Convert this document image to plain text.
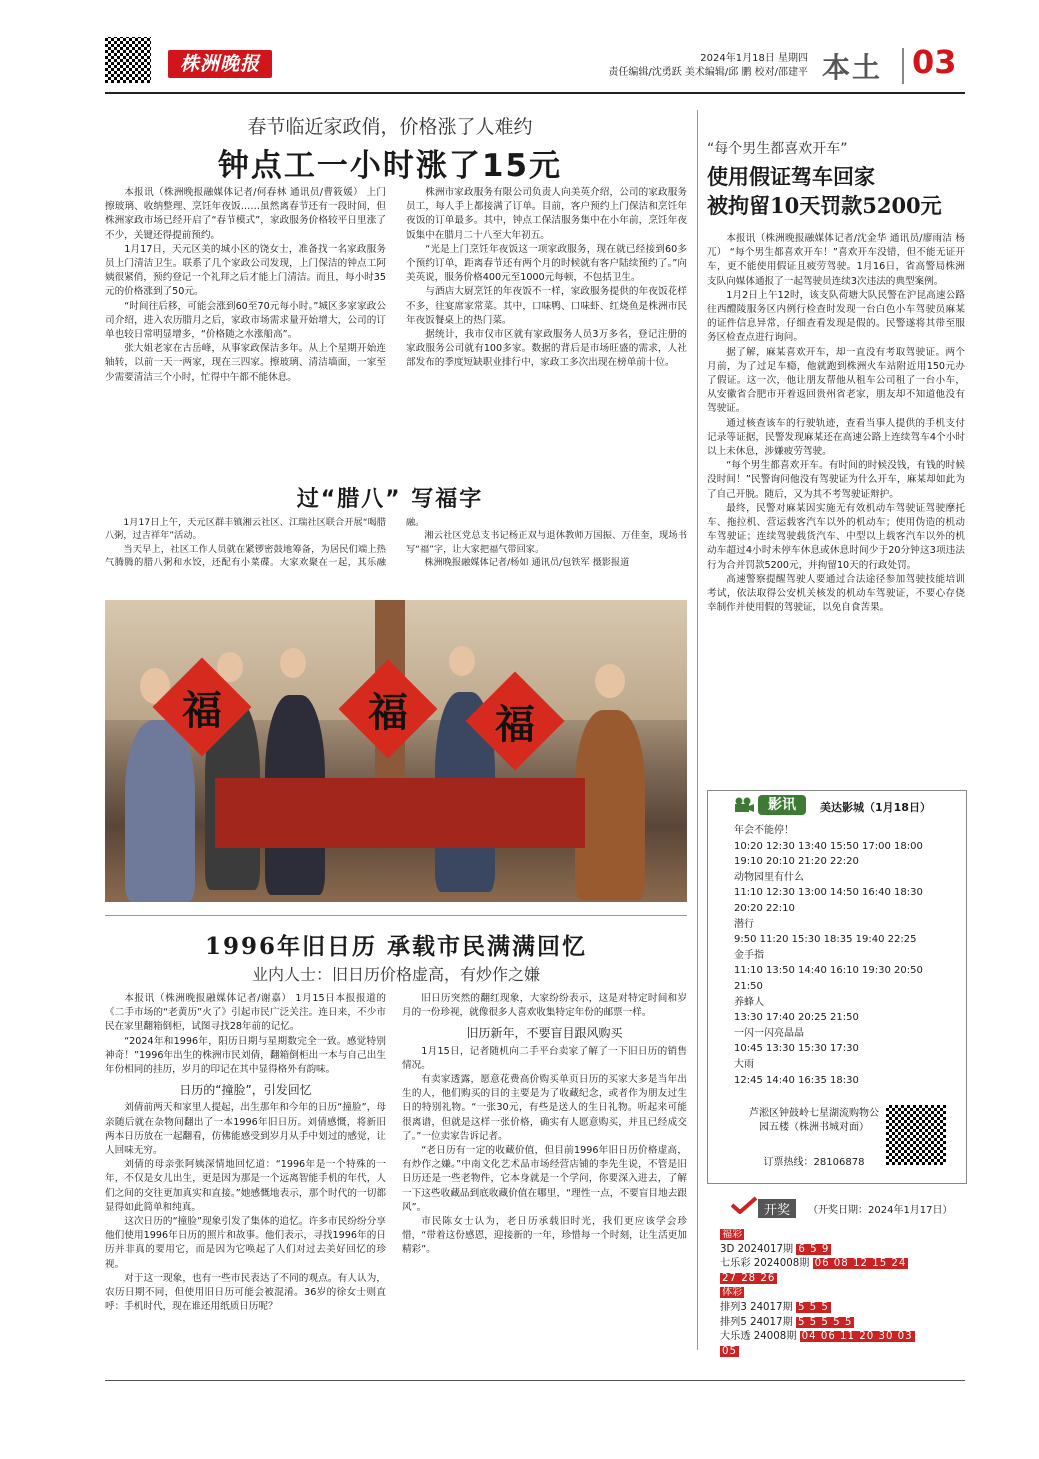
株洲晚报	2024年1月18日 星期四
责任编辑/沈勇跃 美术编辑/邱 鹏 校对/邵建平 本土 03
春节临近家政俏，价格涨了人难约
钟点工一小时涨了15元

本报讯（株洲晚报融媒体记者/何春林 通讯员/曹筱媛） 上门擦玻璃、收纳整理、烹饪年夜饭……虽然离春节还有一段时间，但株洲家政市场已经开启了“春节模式”，家政服务价格较平日里涨了不少，关键还得提前预约。

1月17日，天元区美的城小区的饶女士，准备找一名家政服务员上门清洁卫生。联系了几个家政公司发现，上门保洁的钟点工阿姨很紧俏，预约登记一个礼拜之后才能上门清洁。而且，每小时35元的价格涨到了50元。

“时间往后移，可能会涨到60至70元每小时。”城区多家家政公司介绍，进入农历腊月之后，家政市场需求量开始增大，公司的订单也较日常明显增多，“价格随之水涨船高”。

张大姐老家在古岳峰，从事家政保洁多年。从上个星期开始连轴转，以前一天一两家，现在三四家。擦玻璃、清洁墙面，一家至少需要清洁三个小时，忙得中午都不能休息。

株洲市家政服务有限公司负责人向美英介绍，公司的家政服务员工，每人手上都接满了订单。目前，客户预约上门保洁和烹饪年夜饭的订单最多。其中，钟点工保洁服务集中在小年前，烹饪年夜饭集中在腊月二十八至大年初五。

“光是上门烹饪年夜饭这一项家政服务，现在就已经接到60多个预约订单，距离春节还有两个月的时候就有客户陆续预约了。”向美英说，服务价格400元至1000元每顿，不包括卫生。

与酒店大厨烹饪的年夜饭不一样，家政服务提供的年夜饭花样不多，往宴席家常菜。其中，口味鸭、口味虾、红烧鱼是株洲市民年夜饭餐桌上的热门菜。

据统计，我市仅市区就有家政服务人员3万多名，登记注册的家政服务公司就有100多家。数据的背后是市场旺盛的需求，人社部发布的季度短缺职业排行中，家政工多次出现在榜单前十位。

过“腊八” 写福字

1月17日上午，天元区群丰镇湘云社区、江瑞社区联合开展“喝腊八粥，过吉祥年”活动。

当天早上，社区工作人员就在紧锣密鼓地筹备，为居民们端上热气腾腾的腊八粥和水饺，还配有小菜碟。大家欢聚在一起，其乐融融。

湘云社区党总支书记杨正双与退休教师万国振、万佳奎，现场书写“福”字，让大家把福气带回家。

株洲晚报融媒体记者/杨如 通讯员/包铁军 摄影报道

福	福	福
“每个男生都喜欢开车”
使用假证驾车回家
被拘留10天罚款5200元

本报讯（株洲晚报融媒体记者/沈金华 通讯员/廖雨洁 杨兀） “每个男生都喜欢开车！”喜欢开车没错，但不能无证开车，更不能使用假证且疲劳驾驶。1月16日，省高警局株洲支队向媒体通报了一起驾驶员连续3次违法的典型案例。

1月2日上午12时，该支队荷塘大队民警在沪昆高速公路往西醴陵服务区内例行检查时发现一台白色小车驾驶员麻某的证件信息异常，仔细查看发现是假的。民警遂将其带至服务区检查点进行询问。

据了解，麻某喜欢开车，却一直没有考取驾驶证。两个月前，为了过足车瘾，他就跑到株洲火车站附近用150元办了假证。这一次，他让朋友帮他从租车公司租了一台小车，从安徽省合肥市开着返回贵州省老家，朋友却不知道他没有驾驶证。

通过核查该车的行驶轨迹，查看当事人提供的手机支付记录等证据，民警发现麻某还在高速公路上连续驾车4个小时以上未休息，涉嫌疲劳驾驶。

“每个男生都喜欢开车。有时间的时候没钱，有钱的时候没时间！”民警询问他没有驾驶证为什么开车，麻某却如此为了自己开脱。随后，又为其不考驾驶证辩护。

最终，民警对麻某因实施无有效机动车驾驶证驾驶摩托车、拖拉机、营运载客汽车以外的机动车；使用伪造的机动车驾驶证；连续驾驶载货汽车、中型以上载客汽车以外的机动车超过4小时未停车休息或休息时间少于20分钟这3项违法行为合并罚款5200元，并拘留10天的行政处罚。

高速警察提醒驾驶人要通过合法途径参加驾驶技能培训考试，依法取得公安机关核发的机动车驾驶证，不要心存侥幸制作并使用假的驾驶证，以免自食苦果。

1996年旧日历 承载市民满满回忆
业内人士：旧日历价格虚高，有炒作之嫌

本报讯（株洲晚报融媒体记者/谢嘉） 1月15日本报报道的《二手市场的“老黄历”火了》引起市民广泛关注。连日来，不少市民在家里翻箱倒柜，试图寻找28年前的记忆。

“2024年和1996年，阳历日期与星期数完全一致。感觉特别神奇！”1996年出生的株洲市民刘倩，翻箱倒柜出一本与自己出生年份相同的挂历，岁月的印记在其中显得格外有韵味。

日历的“撞脸”，引发回忆

刘倩前两天和家里人提起，出生那年和今年的日历“撞脸”，母亲随后就在杂物间翻出了一本1996年旧日历。刘倩感慨，将新旧两本日历放在一起翻看，仿佛能感受到岁月从手中划过的感觉，让人回味无穷。

刘倩的母亲张阿姨深情地回忆道：“1996年是一个特殊的一年，不仅是女儿出生，更是因为那是一个远离智能手机的年代，人们之间的交往更加真实和直接。”她感慨地表示，那个时代的一切都显得如此简单和纯真。

这次日历的“撞脸”现象引发了集体的追忆。许多市民纷纷分享他们使用1996年日历的照片和故事。他们表示，寻找1996年的日历并非真的要用它，而是因为它唤起了人们对过去美好回忆的珍视。

对于这一现象，也有一些市民表达了不同的观点。有人认为，农历日期不同，但使用旧日历可能会被混淆。36岁的徐女士则直呼：手机时代，现在谁还用纸质日历呢？

旧日历突然的翻红现象，大家纷纷表示，这是对特定时间和岁月的一份珍视，就像很多人喜欢收集特定年份的邮票一样。

旧历新年，不要盲目跟风购买

1月15日，记者随机向二手平台卖家了解了一下旧日历的销售情况。

有卖家透露，愿意花费高价购买单页日历的买家大多是当年出生的人，他们购买的目的主要是为了收藏纪念，或者作为朋友过生日的特别礼物。“一张30元，有些是送人的生日礼物。听起来可能很离谱，但就是这样一张价格，确实有人愿意购买，并且已经成交了。”一位卖家告诉记者。

“老日历有一定的收藏价值，但目前1996年旧日历价格虚高，有炒作之嫌。”中南文化艺术品市场经营店铺的李先生说，不管是旧日历还是一些老物件，它本身就是一个学问，你要深入进去，了解一下这些收藏品到底收藏价值在哪里，“理性一点，不要盲目地去跟风”。

市民陈女士认为，老日历承载旧时光，我们更应该学会珍惜，“带着这份感恩，迎接新的一年，珍惜每一个时刻，让生活更加精彩”。

影讯	美达影城（1月18日）
年会不能停！
10:20 12:30 13:40 15:50 17:00 18:00
19:10 20:10 21:20 22:20
动物园里有什么
11:10 12:30 13:00 14:50 16:40 18:30
20:20 22:10
潜行
9:50 11:20 15:30 18:35 19:40 22:25
金手指
11:10 13:50 14:40 16:10 19:30 20:50
21:50
养蜂人
13:30 17:40 20:25 21:50
一闪一闪亮晶晶
10:45 13:30 15:30 17:30
大雨
12:45 14:40 16:35 18:30
芦淞区钟鼓岭七星湖流购物公园五楼（株洲书城对面）
订票热线：28106878
开奖	（开奖日期：2024年1月17日）
福彩
3D 2024017期 6 5 9
七乐彩 2024008期 06 08 12 15 24
27 28 26
体彩
排列3 24017期 5 5 5
排列5 24017期 5 5 5 5 5
大乐透 24008期 04 06 11 20 30 03
05
